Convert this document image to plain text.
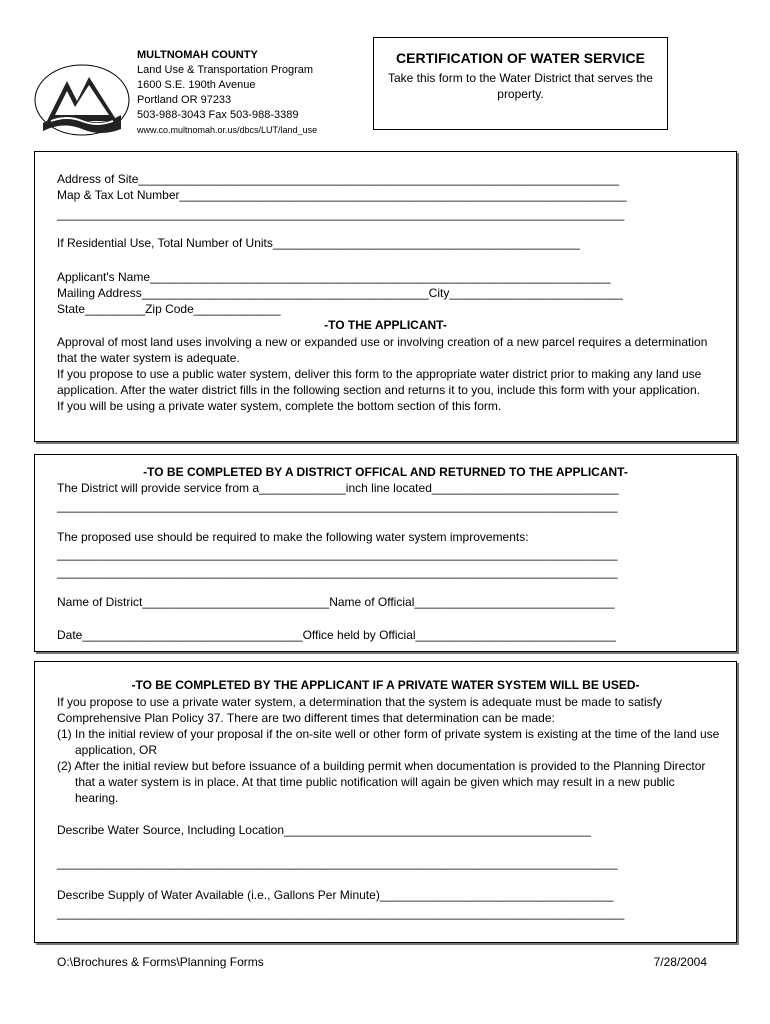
MULTNOMAH COUNTY
Land Use & Transportation Program
1600 S.E. 190th Avenue
Portland OR 97233
503-988-3043 Fax 503-988-3389
www.co.multnomah.or.us/dbcs/LUT/land_use
CERTIFICATION OF WATER SERVICE
Take this form to the Water District that serves the property.
Address of Site________________________________________________________________________
Map & Tax Lot Number___________________________________________________________________
_____________________________________________________________________________________
If Residential Use, Total Number of Units______________________________________________
Applicant's Name_____________________________________________________________________
Mailing Address___________________________________________City__________________________
State_________Zip Code_____________
-TO THE APPLICANT-
Approval of most land uses involving a new or expanded use or involving creation of a new parcel requires a determination that the water system is adequate.
If you propose to use a public water system, deliver this form to the appropriate water district prior to making any land use application. After the water district fills in the following section and returns it to you, include this form with your application.
If you will be using a private water system, complete the bottom section of this form.
-TO BE COMPLETED BY A DISTRICT OFFICAL AND RETURNED TO THE APPLICANT-
The District will provide service from a_____________inch line located____________________________
____________________________________________________________________________________
The proposed use should be required to make the following water system improvements:
____________________________________________________________________________________
____________________________________________________________________________________
Name of District____________________________Name of Official______________________________
Date_________________________________Office held by Official______________________________
-TO BE COMPLETED BY THE APPLICANT IF A PRIVATE WATER SYSTEM WILL BE USED-
If you propose to use a private water system, a determination that the system is adequate must be made to satisfy Comprehensive Plan Policy 37. There are two different times that determination can be made:
(1) In the initial review of your proposal if the on-site well or other form of private system is existing at the time of the land use application, OR
(2) After the initial review but before issuance of a building permit when documentation is provided to the Planning Director that a water system is in place. At that time public notification will again be given which may result in a new public hearing.
Describe Water Source, Including Location______________________________________________
____________________________________________________________________________________
Describe Supply of Water Available (i.e., Gallons Per Minute)___________________________________
_____________________________________________________________________________________
O:\Brochures & Forms\Planning Forms	7/28/2004
